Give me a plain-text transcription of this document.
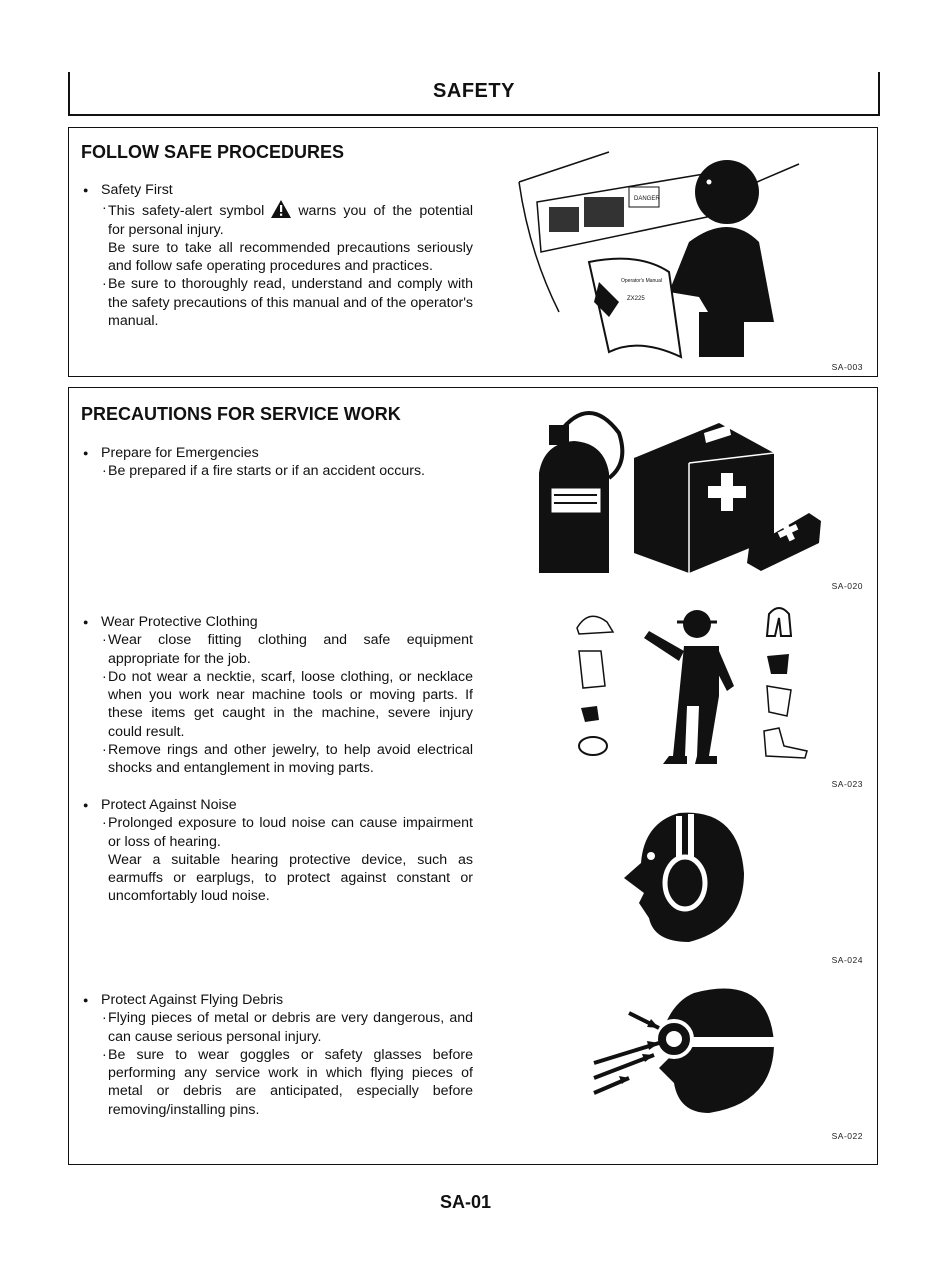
SAFETY
FOLLOW SAFE PROCEDURES
● Safety First
· This safety-alert symbol warns you of the potential for personal injury.
Be sure to take all recommended precautions seriously and follow safe operating procedures and practices.
· Be sure to thoroughly read, understand and comply with the safety precautions of this manual and of the operator's manual.
DANGER
Operator's Manual
ZX225
SA-003
PRECAUTIONS FOR SERVICE WORK
● Prepare for Emergencies
· Be prepared if a fire starts or if an accident occurs.
SA-020
● Wear Protective Clothing
· Wear close fitting clothing and safe equipment appropriate for the job.
· Do not wear a necktie, scarf, loose clothing, or necklace when you work near machine tools or moving parts. If these items get caught in the machine, severe injury could result.
· Remove rings and other jewelry, to help avoid electrical shocks and entanglement in moving parts.
SA-023
● Protect Against Noise
· Prolonged exposure to loud noise can cause impairment or loss of hearing.
Wear a suitable hearing protective device, such as earmuffs or earplugs, to protect against constant or uncomfortably loud noise.
SA-024
● Protect Against Flying Debris
· Flying pieces of metal or debris are very dangerous, and can cause serious personal injury.
· Be sure to wear goggles or safety glasses before performing any service work in which flying pieces of metal or debris are anticipated, especially before removing/installing pins.
SA-022
SA-01
